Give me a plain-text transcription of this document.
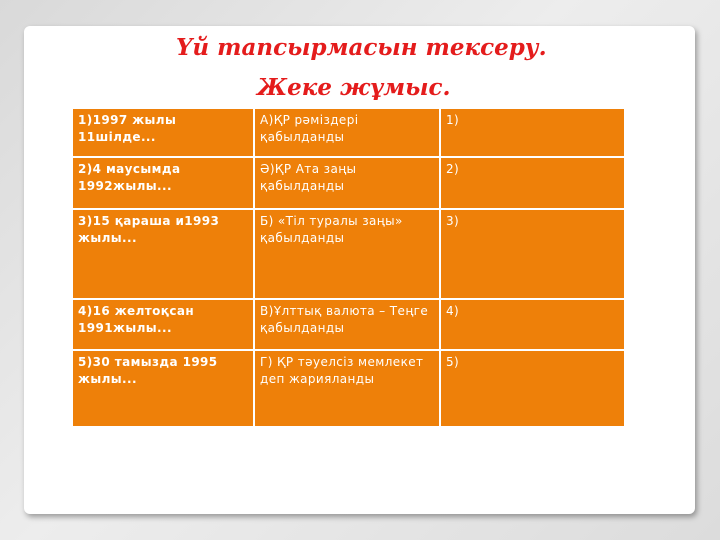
Үй тапсырмасын тексеру.
Жеке жұмыс.
1)1997 жылы 11шілде...	А)ҚР рәміздері қабылданды	1)
2)4 маусымда 1992жылы...	Ә)ҚР Ата заңы қабылданды	2)
3)15 қараша и1993 жылы...	Б) «Тіл туралы заңы» қабылданды	3)
4)16 желтоқсан 1991жылы...	В)Ұлттық валюта – Теңге қабылданды	4)
5)30 тамызда 1995 жылы...	Г) ҚР тәуелсіз мемлекет деп жарияланды	5)
